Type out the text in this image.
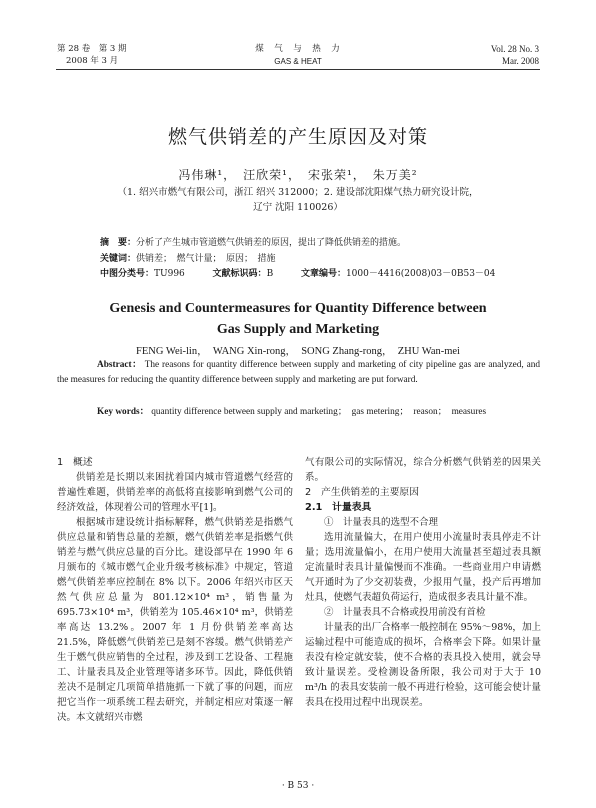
第 28 卷　第 3 期
2008 年 3 月
煤　气　与　热　力
GAS & HEAT
Vol. 28 No. 3
Mar. 2008
燃气供销差的产生原因及对策
冯伟琳¹，　汪欣荣¹，　宋张荣¹，　朱万美²
（1. 绍兴市燃气有限公司，浙江 绍兴 312000；2. 建设部沈阳煤气热力研究设计院，
辽宁 沈阳 110026）
摘　要：分析了产生城市管道燃气供销差的原因，提出了降低供销差的措施。
关键词：供销差；　燃气计量；　原因；　措施
中图分类号：TU996	文献标识码：B	文章编号：1000－4416(2008)03－0B53－04
Genesis and Countermeasures for Quantity Difference between
Gas Supply and Marketing
FENG Wei-lin，　WANG Xin-rong，　SONG Zhang-rong，　ZHU Wan-mei
Abstract： The reasons for quantity difference between supply and marketing of city pipeline gas are analyzed, and the measures for reducing the quantity difference between supply and marketing are put forward.
Key words： quantity difference between supply and marketing；　gas metering；　reason；　measures
1　概述

供销差是长期以来困扰着国内城市管道燃气经营的普遍性难题，供销差率的高低将直接影响到燃气公司的经济效益，体现着公司的管理水平[1]。

根据城市建设统计指标解释，燃气供销差是指燃气供应总量和销售总量的差额，燃气供销差率是指燃气供销差与燃气供应总量的百分比。建设部早在 1990 年 6 月颁布的《城市燃气企业升级考核标准》中规定，管道燃气供销差率应控制在 8% 以下。2006 年绍兴市区天然气供应总量为 801.12×10⁴ m³，销售量为 695.73×10⁴ m³，供销差为 105.46×10⁴ m³，供销差率高达 13.2%。2007 年 1 月份供销差率高达 21.5%，降低燃气供销差已是刻不容缓。燃气供销差产生于燃气供应销售的全过程，涉及到工艺设备、工程施工、计量表具及企业管理等诸多环节。因此，降低供销差决不是制定几项简单措施抓一下就了事的问题，而应把它当作一项系统工程去研究，并制定相应对策逐一解决。本文就绍兴市燃

气有限公司的实际情况，综合分析燃气供销差的因果关系。

2　产生供销差的主要原因
2.1　计量表具
①　计量表具的选型不合理

选用流量偏大，在用户使用小流量时表具停走不计量；选用流量偏小，在用户使用大流量甚至超过表具额定流量时表具计量偏慢而不准确。一些商业用户申请燃气开通时为了少交初装费，少报用气量，投产后再增加灶具，使燃气表超负荷运行，造成很多表具计量不准。

②　计量表具不合格或投用前没有首检

计量表的出厂合格率一般控制在 95%～98%，加上运输过程中可能造成的损坏，合格率会下降。如果计量表没有检定就安装，使不合格的表具投入使用，就会导致计量误差。受检测设备所限，我公司对于大于 10 m³/h 的表具安装前一般不再进行检验，这可能会使计量表具在投用过程中出现误差。

· B 53 ·
